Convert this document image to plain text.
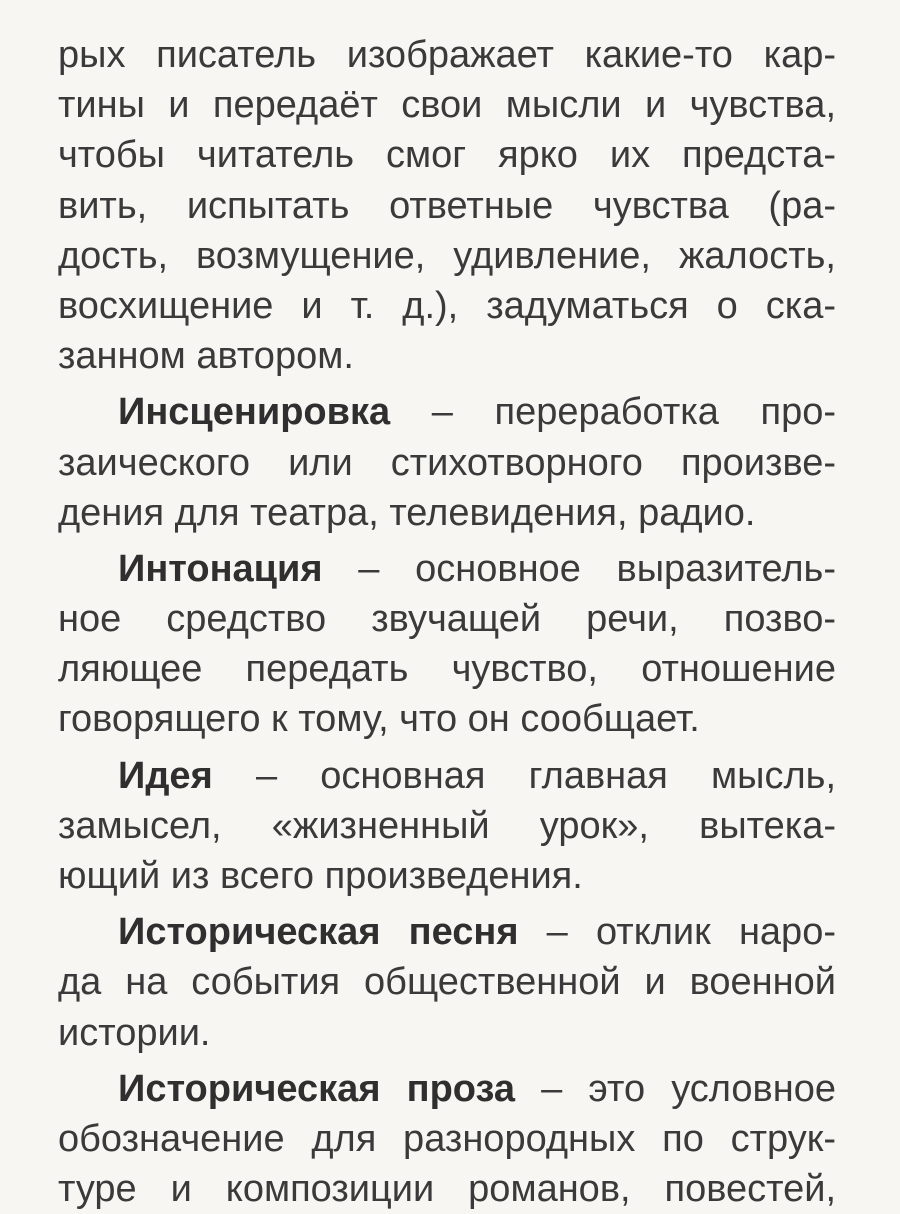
рых писатель изображает какие-то кар-
тины и передаёт свои мысли и чувства,
чтобы читатель смог ярко их предста-
вить, испытать ответные чувства (ра-
дость, возмущение, удивление, жалость,
восхищение и т. д.), задуматься о ска-
занном автором.
Инсценировка – переработка про-
заического или стихотворного произве-
дения для театра, телевидения, радио.
Интонация – основное выразитель-
ное средство звучащей речи, позво-
ляющее передать чувство, отношение
говорящего к тому, что он сообщает.
Идея – основная главная мысль,
замысел, «жизненный урок», вытека-
ющий из всего произведения.
Историческая песня – отклик наро-
да на события общественной и военной
истории.
Историческая проза – это условное
обозначение для разнородных по струк-
туре и композиции романов, повестей,
